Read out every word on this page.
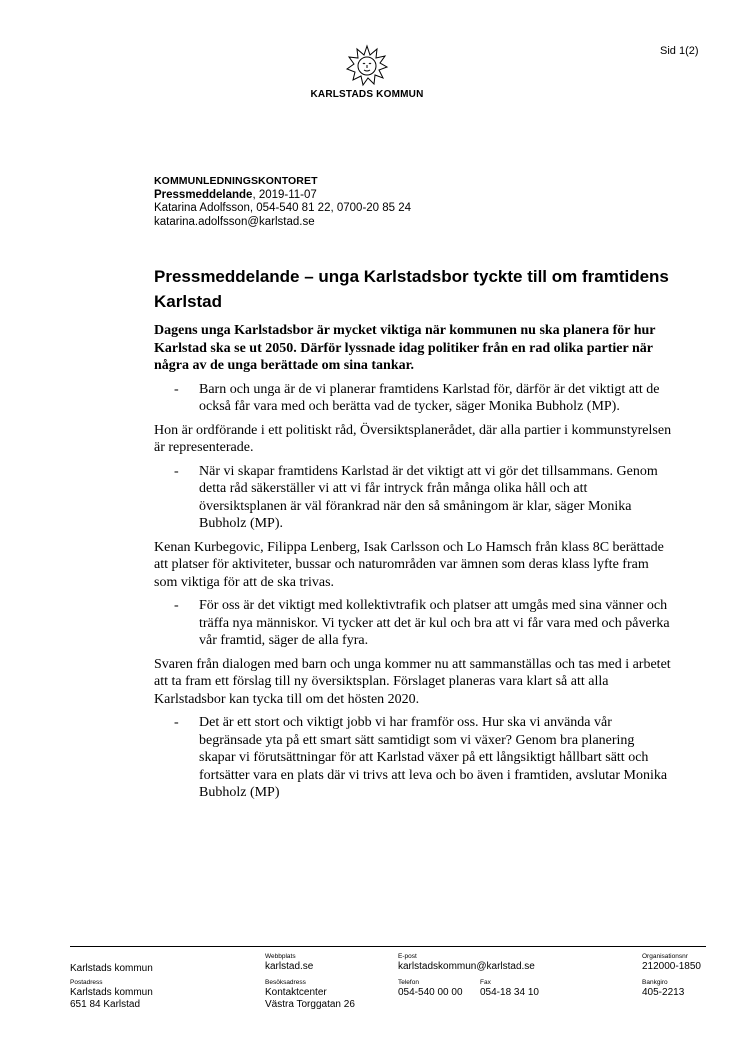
Sid 1(2)
KARLSTADS KOMMUN
KOMMUNLEDNINGSKONTORET
Pressmeddelande, 2019-11-07
Katarina Adolfsson, 054-540 81 22, 0700-20 85 24
katarina.adolfsson@karlstad.se
Pressmeddelande – unga Karlstadsbor tyckte till om framtidens Karlstad
Dagens unga Karlstadsbor är mycket viktiga när kommunen nu ska planera för hur Karlstad ska se ut 2050. Därför lyssnade idag politiker från en rad olika partier när några av de unga berättade om sina tankar.
- Barn och unga är de vi planerar framtidens Karlstad för, därför är det viktigt att de också får vara med och berätta vad de tycker, säger Monika Bubholz (MP).
Hon är ordförande i ett politiskt råd, Översiktsplanerådet, där alla partier i kommunstyrelsen är representerade.
- När vi skapar framtidens Karlstad är det viktigt att vi gör det tillsammans. Genom detta råd säkerställer vi att vi får intryck från många olika håll och att översiktsplanen är väl förankrad när den så småningom är klar, säger Monika Bubholz (MP).
Kenan Kurbegovic, Filippa Lenberg, Isak Carlsson och Lo Hamsch från klass 8C berättade att platser för aktiviteter, bussar och naturområden var ämnen som deras klass lyfte fram som viktiga för att de ska trivas.
- För oss är det viktigt med kollektivtrafik och platser att umgås med sina vänner och träffa nya människor. Vi tycker att det är kul och bra att vi får vara med och påverka vår framtid, säger de alla fyra.
Svaren från dialogen med barn och unga kommer nu att sammanställas och tas med i arbetet att ta fram ett förslag till ny översiktsplan. Förslaget planeras vara klart så att alla Karlstadsbor kan tycka till om det hösten 2020.
- Det är ett stort och viktigt jobb vi har framför oss. Hur ska vi använda vår begränsade yta på ett smart sätt samtidigt som vi växer? Genom bra planering skapar vi förutsättningar för att Karlstad växer på ett långsiktigt hållbart sätt och fortsätter vara en plats där vi trivs att leva och bo även i framtiden, avslutar Monika Bubholz (MP)
Karlstads kommun
Webbplats
karlstad.se
E-post
karlstadskommun@karlstad.se
Organisationsnr
212000-1850
Postadress
Karlstads kommun
651 84 Karlstad
Besöksadress
Kontaktcenter
Västra Torggatan 26
Telefon
054-540 00 00
Fax
054-18 34 10
Bankgiro
405-2213
